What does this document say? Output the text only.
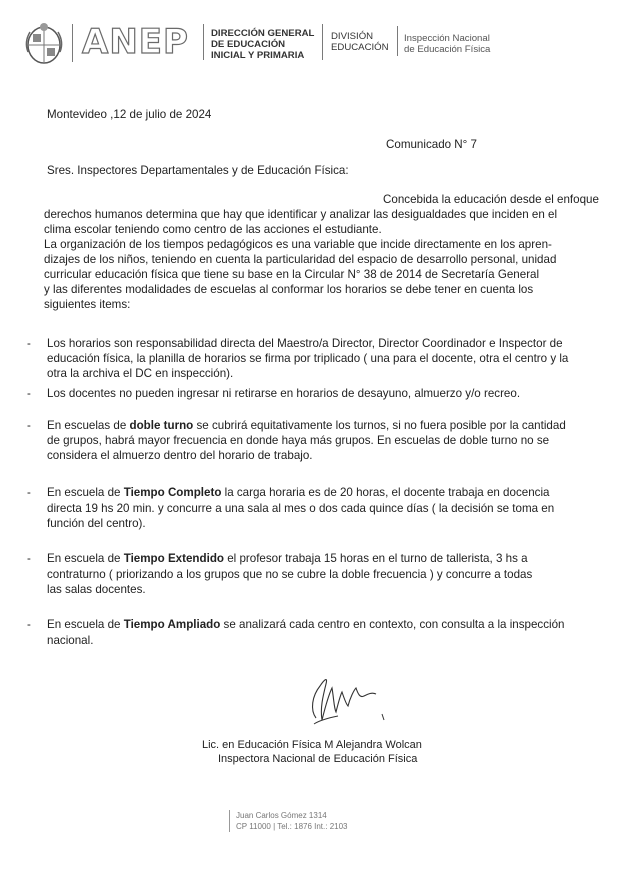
ANEP DIRECCIÓN GENERAL
DE EDUCACIÓN
INICIAL Y PRIMARIA
DIVISIÓN
EDUCACIÓN
Inspección Nacional
de Educación Física
Montevideo ,12 de julio de 2024
Comunicado N° 7
Sres. Inspectores Departamentales y de Educación Física:
Concebida la educación desde el enfoque
derechos humanos determina que hay que identificar y analizar las desigualdades que inciden en el
clima escolar teniendo como centro de las acciones el estudiante.
La organización de los tiempos pedagógicos es una variable que incide directamente en los apren-
dizajes de los niños, teniendo en cuenta la particularidad del espacio de desarrollo personal, unidad
curricular educación física que tiene su base en la Circular N° 38 de 2014 de Secretaría General
y las diferentes modalidades de escuelas al conformar los horarios se debe tener en cuenta los
siguientes items:
- Los horarios son responsabilidad directa del Maestro/a Director, Director Coordinador e Inspector de
educación física, la planilla de horarios se firma por triplicado ( una para el docente, otra el centro y la
otra la archiva el DC en inspección).
- Los docentes no pueden ingresar ni retirarse en horarios de desayuno, almuerzo y/o recreo.
- En escuelas de doble turno se cubrirá equitativamente los turnos, si no fuera posible por la cantidad
de grupos, habrá mayor frecuencia en donde haya más grupos. En escuelas de doble turno no se
considera el almuerzo dentro del horario de trabajo.
- En escuela de Tiempo Completo la carga horaria es de 20 horas, el docente trabaja en docencia
directa 19 hs 20 min. y concurre a una sala al mes o dos cada quince días ( la decisión se toma en
función del centro).
- En escuela de Tiempo Extendido el profesor trabaja 15 horas en el turno de tallerista, 3 hs a
contraturno ( priorizando a los grupos que no se cubre la doble frecuencia ) y concurre a todas
las salas docentes.
- En escuela de Tiempo Ampliado se analizará cada centro en contexto, con consulta a la inspección
nacional.
Lic. en Educación Física M Alejandra Wolcan
Inspectora Nacional de Educación Física
Juan Carlos Gómez 1314
CP 11000 | Tel.: 1876 Int.: 2103
